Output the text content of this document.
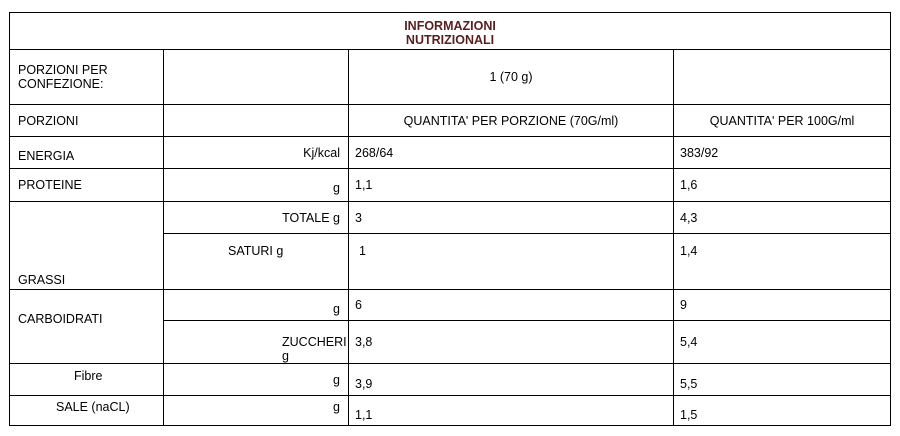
INFORMAZIONI
NUTRIZIONALI			

PORZIONI PER CONFEZIONE:		1 (70 g)	
PORZIONI		QUANTITA' PER PORZIONE (70G/ml)	QUANTITA' PER 100G/ml
ENERGIA	Kj/kcal	268/64	383/92
PROTEINE	g	1,1	1,6
GRASSI	TOTALE g	3	4,3
	SATURI g	1	1,4
CARBOIDRATI	g	6	9
	ZUCCHERI g	3,8	5,4
Fibre	g	3,9	5,5
SALE (naCL)	g	1,1	1,5
